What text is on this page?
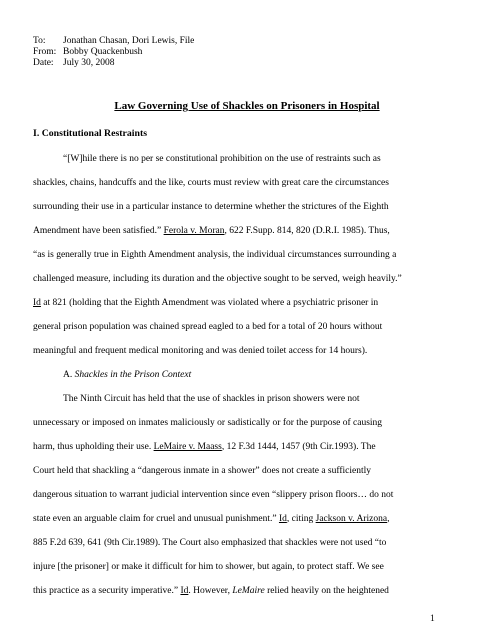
To: Jonathan Chasan, Dori Lewis, File
From: Bobby Quackenbush
Date: July 30, 2008
Law Governing Use of Shackles on Prisoners in Hospital
I. Constitutional Restraints
“[W]hile there is no per se constitutional prohibition on the use of restraints such as
shackles, chains, handcuffs and the like, courts must review with great care the circumstances
surrounding their use in a particular instance to determine whether the strictures of the Eighth
Amendment have been satisfied.” Ferola v. Moran, 622 F.Supp. 814, 820 (D.R.I. 1985). Thus,
“as is generally true in Eighth Amendment analysis, the individual circumstances surrounding a
challenged measure, including its duration and the objective sought to be served, weigh heavily.”
Id at 821 (holding that the Eighth Amendment was violated where a psychiatric prisoner in
general prison population was chained spread eagled to a bed for a total of 20 hours without
meaningful and frequent medical monitoring and was denied toilet access for 14 hours).
A. Shackles in the Prison Context
The Ninth Circuit has held that the use of shackles in prison showers were not
unnecessary or imposed on inmates maliciously or sadistically or for the purpose of causing
harm, thus upholding their use. LeMaire v. Maass, 12 F.3d 1444, 1457 (9th Cir.1993). The
Court held that shackling a “dangerous inmate in a shower” does not create a sufficiently
dangerous situation to warrant judicial intervention since even “slippery prison floors… do not
state even an arguable claim for cruel and unusual punishment.” Id, citing Jackson v. Arizona,
885 F.2d 639, 641 (9th Cir.1989). The Court also emphasized that shackles were not used “to
injure [the prisoner] or make it difficult for him to shower, but again, to protect staff. We see
this practice as a security imperative.” Id. However, LeMaire relied heavily on the heightened
1
